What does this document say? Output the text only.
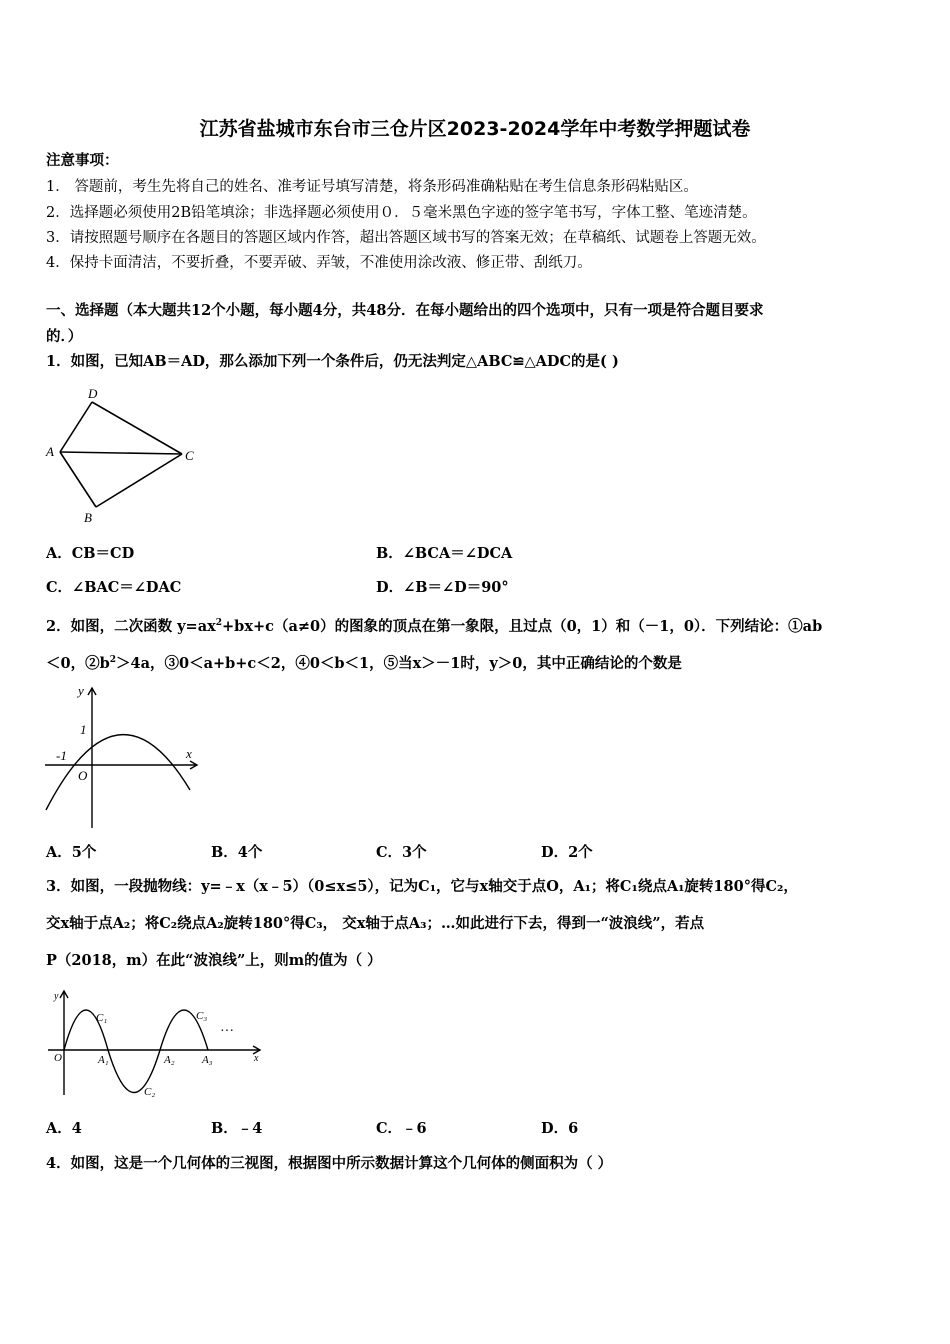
江苏省盐城市东台市三仓片区2023-2024学年中考数学押题试卷
注意事项：
1． 答题前，考生先将自己的姓名、准考证号填写清楚，将条形码准确粘贴在考生信息条形码粘贴区。
2．选择题必须使用2B铅笔填涂；非选择题必须使用０．５毫米黑色字迹的签字笔书写，字体工整、笔迹清楚。
3．请按照题号顺序在各题目的答题区域内作答，超出答题区域书写的答案无效；在草稿纸、试题卷上答题无效。
4．保持卡面清洁，不要折叠，不要弄破、弄皱，不准使用涂改液、修正带、刮纸刀。
一、选择题（本大题共12个小题，每小题4分，共48分．在每小题给出的四个选项中，只有一项是符合题目要求
的．）
1．如图，已知AB＝AD，那么添加下列一个条件后，仍无法判定△ABC≌△ADC的是( )
A
D
C
B
A．CB＝CD	B．∠BCA＝∠DCA
C．∠BAC＝∠DAC	D．∠B＝∠D＝90°
2．如图，二次函数 $y=ax^2+bx+c(a\ne 0)$的图象的顶点在第一象限，且过点（0，1）和（－1，0）．下列结论：①ab
＜0，$②b^2>4a$，③0＜a+b+c＜2，④0＜b＜1，⑤当x＞－1时，y＞0，其中正确结论的个数是
y
x
1
-1
O
A．5个	B．4个	C．3个	D．2个
3．如图，一段抛物线：y=﹣x（x﹣5）（0≤x≤5），记为C₁，它与x轴交于点O，A₁；将C₁绕点A₁旋转180°得C₂，
交x轴于点A₂；将C₂绕点A₂旋转180°得C₃， 交x轴于点A₃；…如此进行下去，得到一“波浪线”，若点
P（2018，m）在此“波浪线”上，则m的值为（ ）
y
x
O
C₁
C₂
C₃
A₁	A₂ A₃
···
A．4	B．﹣4	C．﹣6	D．6
4．如图，这是一个几何体的三视图，根据图中所示数据计算这个几何体的侧面积为（ ）
